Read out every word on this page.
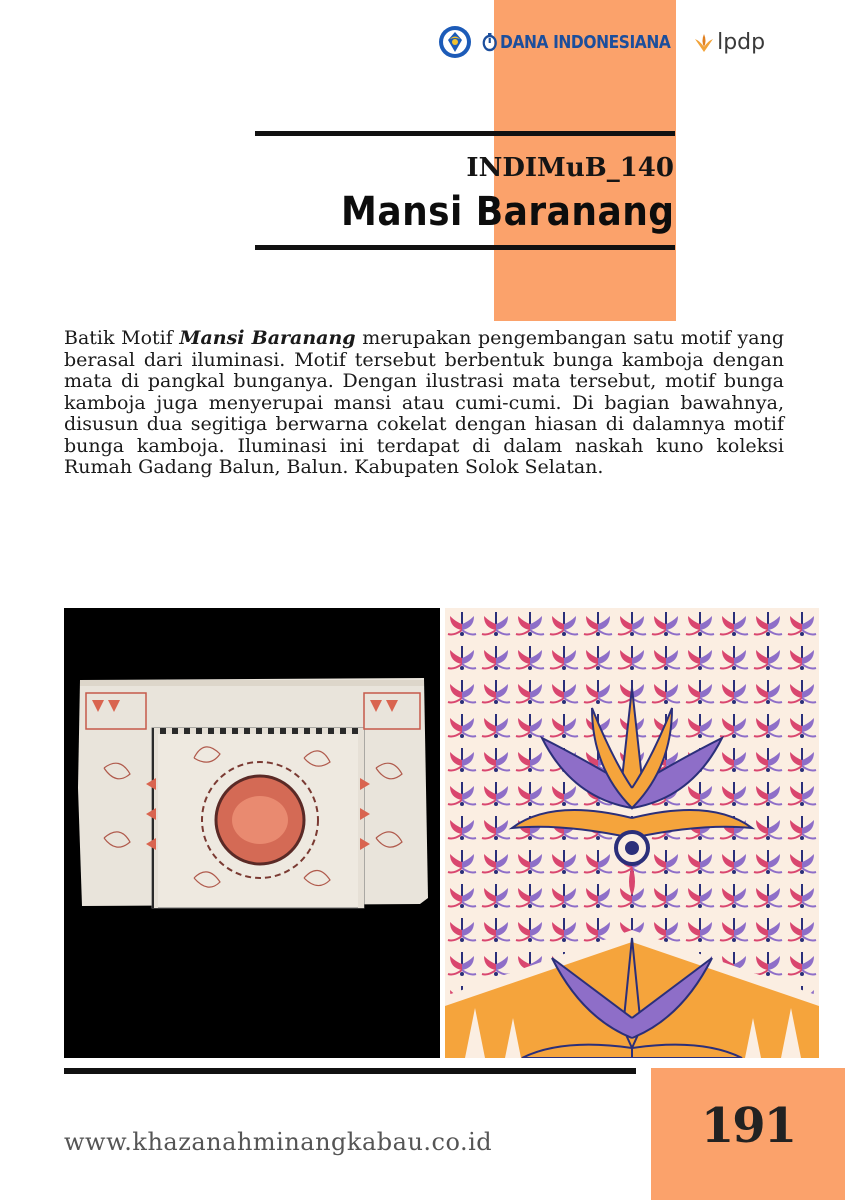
DANA INDONESIANA lpdp
INDIMuB_140
Mansi Baranang

Batik Motif Mansi Baranang merupakan pengembangan satu motif yang berasal dari iluminasi. Motif tersebut berbentuk bunga kamboja dengan mata di pangkal bunganya. Dengan ilustrasi mata tersebut, motif bunga kamboja juga menyerupai mansi atau cumi-cumi. Di bagian bawahnya, disusun dua segitiga berwarna cokelat dengan hiasan di dalamnya motif bunga kamboja. Iluminasi ini terdapat di dalam naskah kuno koleksi Rumah Gadang Balun, Balun. Kabupaten Solok Selatan.

191

www.khazanahminangkabau.co.id
